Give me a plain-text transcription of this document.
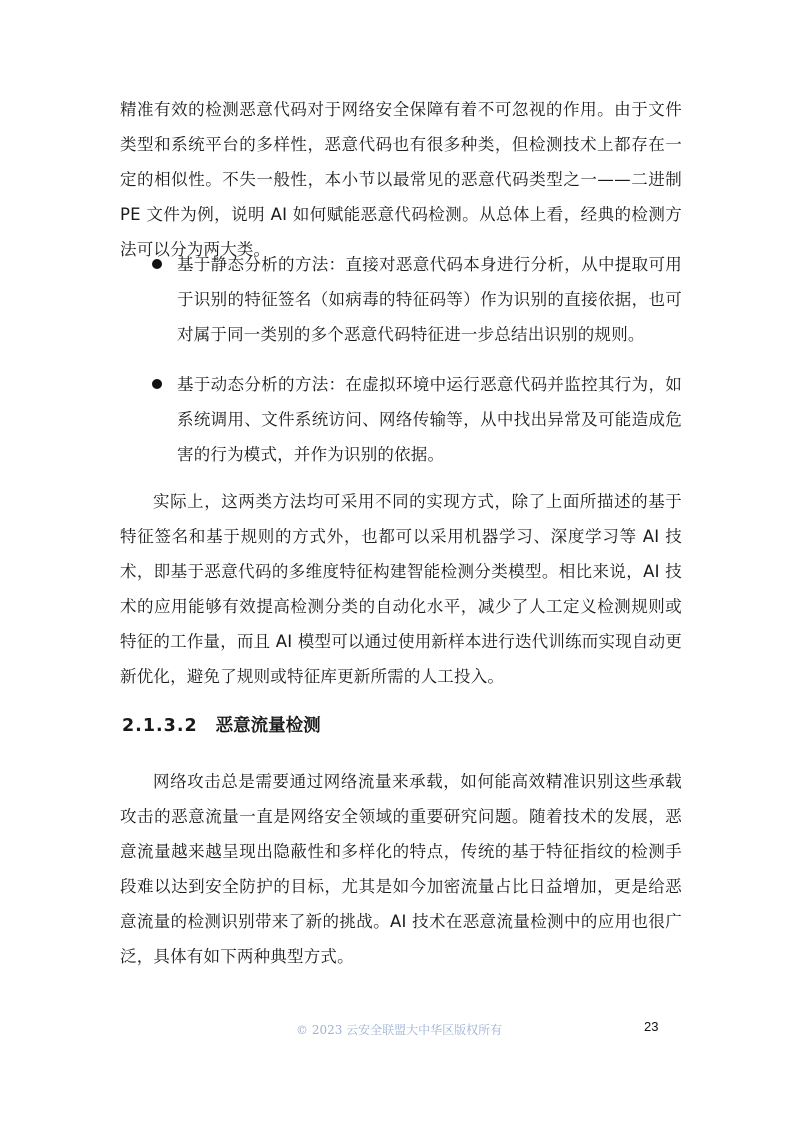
精准有效的检测恶意代码对于网络安全保障有着不可忽视的作用。由于文件类型和系统平台的多样性，恶意代码也有很多种类，但检测技术上都存在一定的相似性。不失一般性，本小节以最常见的恶意代码类型之一——二进制 PE 文件为例，说明 AI 如何赋能恶意代码检测。从总体上看，经典的检测方法可以分为两大类。

基于静态分析的方法：直接对恶意代码本身进行分析，从中提取可用于识别的特征签名（如病毒的特征码等）作为识别的直接依据，也可对属于同一类别的多个恶意代码特征进一步总结出识别的规则。

基于动态分析的方法：在虚拟环境中运行恶意代码并监控其行为，如系统调用、文件系统访问、网络传输等，从中找出异常及可能造成危害的行为模式，并作为识别的依据。

实际上，这两类方法均可采用不同的实现方式，除了上面所描述的基于特征签名和基于规则的方式外，也都可以采用机器学习、深度学习等 AI 技术，即基于恶意代码的多维度特征构建智能检测分类模型。相比来说，AI 技术的应用能够有效提高检测分类的自动化水平，减少了人工定义检测规则或特征的工作量，而且 AI 模型可以通过使用新样本进行迭代训练而实现自动更新优化，避免了规则或特征库更新所需的人工投入。

2.1.3.2 恶意流量检测

网络攻击总是需要通过网络流量来承载，如何能高效精准识别这些承载攻击的恶意流量一直是网络安全领域的重要研究问题。随着技术的发展，恶意流量越来越呈现出隐蔽性和多样化的特点，传统的基于特征指纹的检测手段难以达到安全防护的目标，尤其是如今加密流量占比日益增加，更是给恶意流量的检测识别带来了新的挑战。AI 技术在恶意流量检测中的应用也很广泛，具体有如下两种典型方式。

© 2023 云安全联盟大中华区版权所有	23
